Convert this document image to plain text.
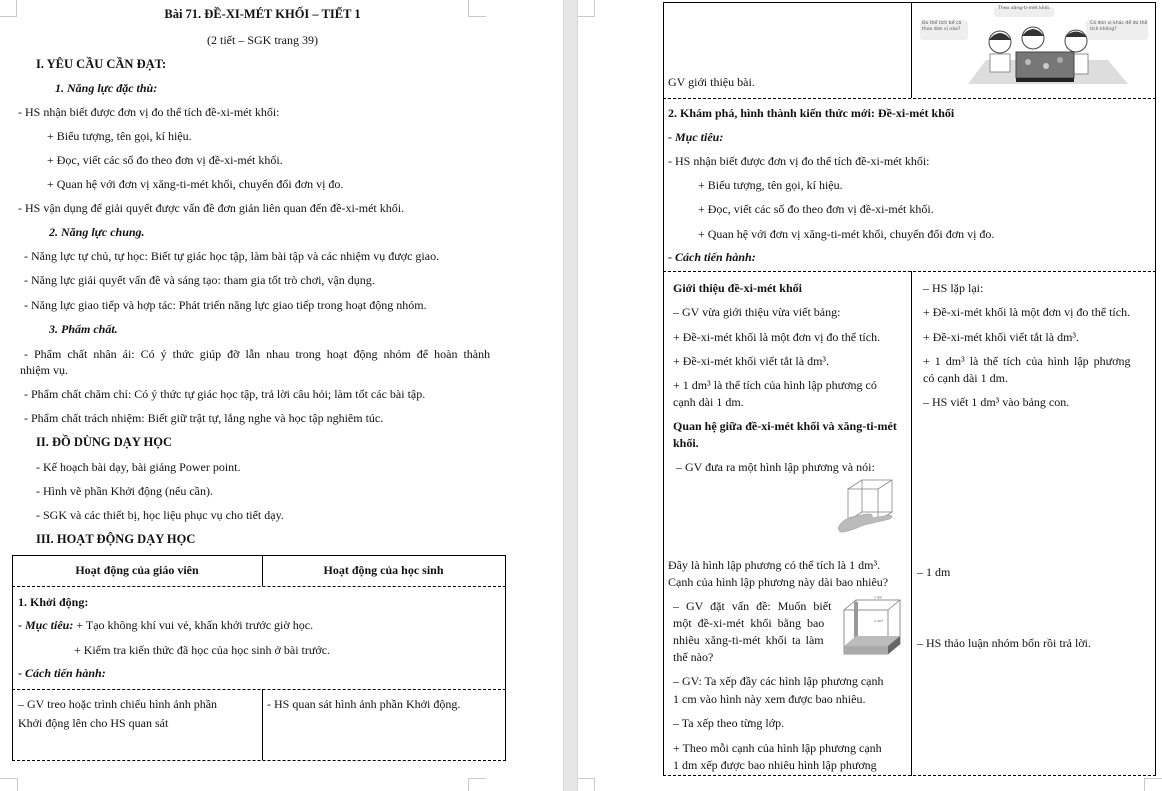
Bài 71. ĐỀ-XI-MÉT KHỐI – TIẾT 1
(2 tiết – SGK trang 39)
I. YÊU CẦU CẦN ĐẠT:
1. Năng lực đặc thù:
- HS nhận biết được đơn vị đo thể tích đề-xi-mét khối:
+ Biểu tượng, tên gọi, kí hiệu.
+ Đọc, viết các số đo theo đơn vị đề-xi-mét khối.
+ Quan hệ với đơn vị xăng-ti-mét khối, chuyển đổi đơn vị đo.
- HS vận dụng để giải quyết được vấn đề đơn giản liên quan đến đề-xi-mét khối.
2. Năng lực chung.
- Năng lực tự chủ, tự học: Biết tự giác học tập, làm bài tập và các nhiệm vụ được giao.
- Năng lực giải quyết vấn đề và sáng tạo: tham gia tốt trò chơi, vận dụng.
- Năng lực giao tiếp và hợp tác: Phát triển năng lực giao tiếp trong hoạt động nhóm.
3. Phẩm chất.
- Phẩm chất nhân ái: Có ý thức giúp đỡ lẫn nhau trong hoạt động nhóm để hoàn thành
nhiệm vụ.
- Phẩm chất chăm chỉ: Có ý thức tự giác học tập, trả lời câu hỏi; làm tốt các bài tập.
- Phẩm chất trách nhiệm: Biết giữ trật tự, lắng nghe và học tập nghiêm túc.
II. ĐỒ DÙNG DẠY HỌC
- Kế hoạch bài dạy, bài giảng Power point.
- Hình vẽ phần Khởi động (nếu cần).
- SGK và các thiết bị, học liệu phục vụ cho tiết dạy.
III. HOẠT ĐỘNG DẠY HỌC
Hoạt động của giáo viên	Hoạt động của học sinh
1. Khởi động:
- Mục tiêu: + Tạo không khí vui vẻ, khấn khởi trước giờ học.
+ Kiểm tra kiến thức đã học của học sinh ở bài trước.
- Cách tiến hành:
– GV treo hoặc trình chiếu hình ảnh phần
Khởi động lên cho HS quan sát
- HS quan sát hình ảnh phần Khởi động.
GV giới thiệu bài.
Theo xăng-ti-mét khối.
Đo thể tích bể cá theo đơn vị nào?
Có đơn vị khác để đo thể tích không?
2. Khám phá, hình thành kiến thức mới: Đề-xi-mét khối
- Mục tiêu:
- HS nhận biết được đơn vị đo thể tích đề-xi-mét khối:
+ Biểu tượng, tên gọi, kí hiệu.
+ Đọc, viết các số đo theo đơn vị đề-xi-mét khối.
+ Quan hệ với đơn vị xăng-ti-mét khối, chuyển đổi đơn vị đo.
- Cách tiến hành:
Giới thiệu đề-xi-mét khối
– GV vừa giới thiệu vừa viết bảng:
+ Đề-xi-mét khối là một đơn vị đo thể tích.
+ Đề-xi-mét khối viết tắt là dm³.
+ 1 dm³ là thể tích của hình lập phương có
cạnh dài 1 dm.
– HS lặp lại:
+ Đề-xi-mét khối là một đơn vị đo thể tích.
+ Đề-xi-mét khối viết tắt là dm³.
+ 1 dm³ là thể tích của hình lập phương
có cạnh dài 1 dm.
– HS viết 1 dm³ vào bảng con.
Quan hệ giữa đề-xi-mét khối và xăng-ti-mét
khối.
– GV đưa ra một hình lập phương và nói:
Đây là hình lập phương có thể tích là 1 dm³.
Cạnh của hình lập phương này dài bao nhiêu?
– 1 dm
– GV đặt vấn đề: Muốn biết
một đề-xi-mét khối bằng bao
nhiêu xăng-ti-mét khối ta làm
thế nào?
1 dm
1 dm³
– GV: Ta xếp đầy các hình lập phương cạnh
1 cm vào hình này xem được bao nhiêu.
– Ta xếp theo từng lớp.
+ Theo mỗi cạnh của hình lập phương cạnh
1 dm xếp được bao nhiêu hình lập phương
– HS thảo luận nhóm bốn rồi trả lời.
